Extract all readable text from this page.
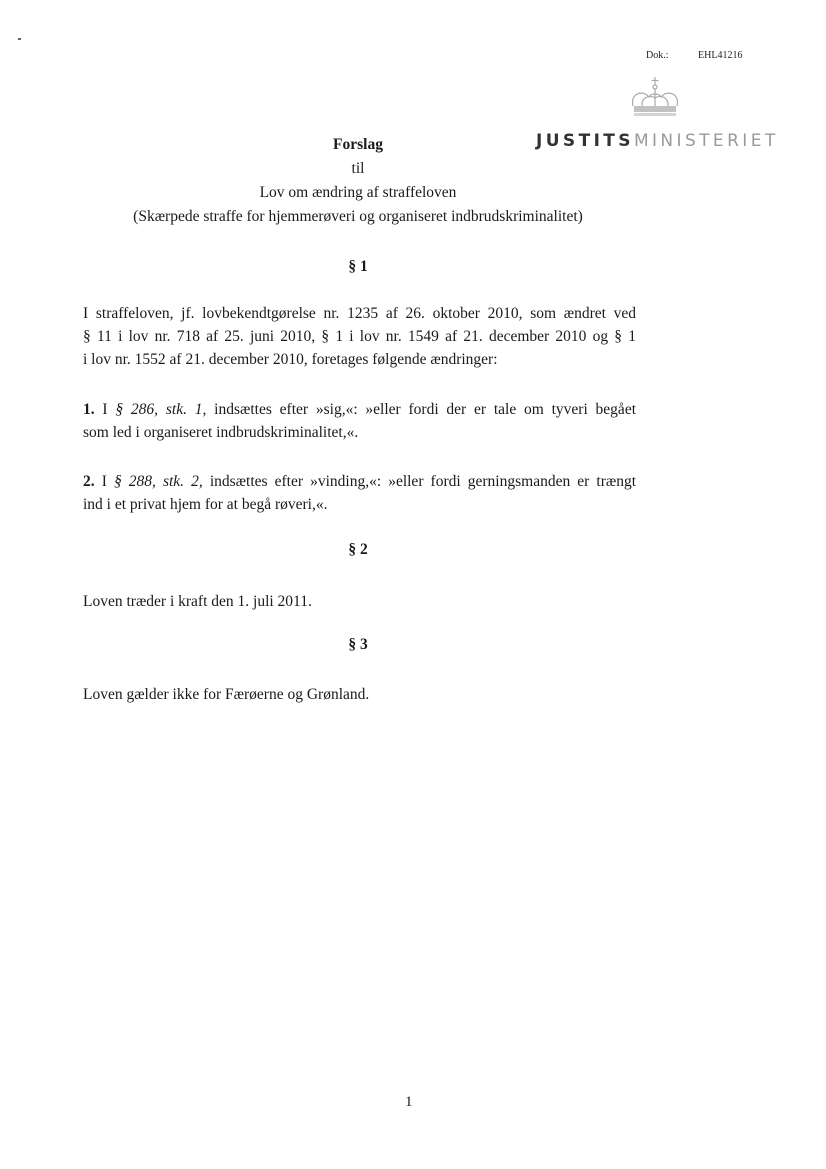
Dok.:	EHL41216
JUSTITSMINISTERIET
Forslag
til
Lov om ændring af straffeloven
(Skærpede straffe for hjemmerøveri og organiseret indbrudskriminalitet)
§ 1
I straffeloven, jf. lovbekendtgørelse nr. 1235 af 26. oktober 2010, som ændret ved
§ 11 i lov nr. 718 af 25. juni 2010, § 1 i lov nr. 1549 af 21. december 2010 og § 1
i lov nr. 1552 af 21. december 2010, foretages følgende ændringer:
1. I § 286, stk. 1, indsættes efter »sig,«: »eller fordi der er tale om tyveri begået
som led i organiseret indbrudskriminalitet,«.
2. I § 288, stk. 2, indsættes efter »vinding,«: »eller fordi gerningsmanden er trængt
ind i et privat hjem for at begå røveri,«.
§ 2
Loven træder i kraft den 1. juli 2011.
§ 3
Loven gælder ikke for Færøerne og Grønland.
1
